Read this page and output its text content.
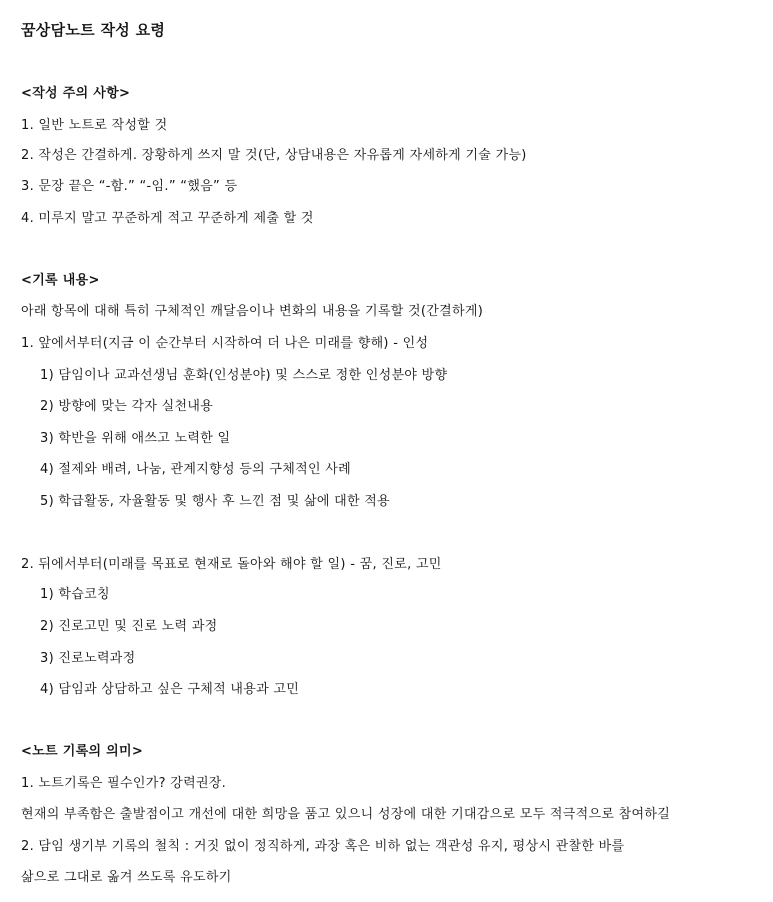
꿈상담노트 작성 요령
<작성 주의 사항>
1. 일반 노트로 작성할 것
2. 작성은 간결하게. 장황하게 쓰지 말 것(단, 상담내용은 자유롭게 자세하게 기술 가능)
3. 문장 끝은 “-함.” “-임.” “했음” 등
4. 미루지 말고 꾸준하게 적고 꾸준하게 제출 할 것
<기록 내용>
아래 항목에 대해 특히 구체적인 깨달음이나 변화의 내용을 기록할 것(간결하게)
1. 앞에서부터(지금 이 순간부터 시작하여 더 나은 미래를 향해) - 인성
1) 담임이나 교과선생님 훈화(인성분야) 및 스스로 정한 인성분야 방향
2) 방향에 맞는 각자 실천내용
3) 학반을 위해 애쓰고 노력한 일
4) 절제와 배려, 나눔, 관계지향성 등의 구체적인 사례
5) 학급활동, 자율활동 및 행사 후 느낀 점 및 삶에 대한 적용
2. 뒤에서부터(미래를 목표로 현재로 돌아와 해야 할 일) - 꿈, 진로, 고민
1) 학습코칭
2) 진로고민 및 진로 노력 과정
3) 진로노력과정
4) 담임과 상담하고 싶은 구체적 내용과 고민
<노트 기록의 의미>
1. 노트기록은 필수인가? 강력권장.
현재의 부족함은 출발점이고 개선에 대한 희망을 품고 있으니 성장에 대한 기대감으로 모두 적극적으로 참여하길
2. 담임 생기부 기록의 철칙 : 거짓 없이 정직하게, 과장 혹은 비하 없는 객관성 유지, 평상시 관찰한 바를
삶으로 그대로 옮겨 쓰도록 유도하기
